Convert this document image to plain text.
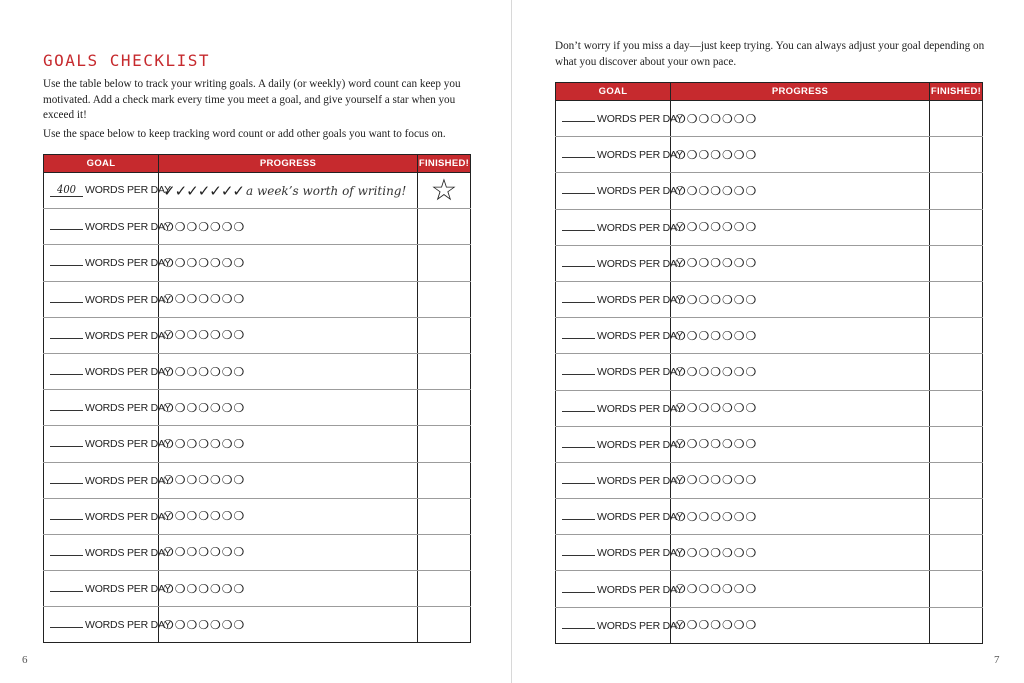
GOALS CHECKLIST

Use the table below to track your writing goals. A daily (or weekly) word count can keep you motivated. Add a check mark every time you meet a goal, and give yourself a star when you exceed it!

Use the space below to keep tracking word count or add other goals you want to focus on.

GOAL	PROGRESS	FINISHED!
400 WORDS PER DAY	✓✓✓✓✓✓✓ a week’s worth of writing!	☆
WORDS PER DAY	❍❍❍❍❍❍❍	
WORDS PER DAY	❍❍❍❍❍❍❍	
WORDS PER DAY	❍❍❍❍❍❍❍	
WORDS PER DAY	❍❍❍❍❍❍❍	
WORDS PER DAY	❍❍❍❍❍❍❍	
WORDS PER DAY	❍❍❍❍❍❍❍	
WORDS PER DAY	❍❍❍❍❍❍❍	
WORDS PER DAY	❍❍❍❍❍❍❍	
WORDS PER DAY	❍❍❍❍❍❍❍	
WORDS PER DAY	❍❍❍❍❍❍❍	
WORDS PER DAY	❍❍❍❍❍❍❍	
WORDS PER DAY	❍❍❍❍❍❍❍	
6

Don’t worry if you miss a day—just keep trying. You can always adjust your goal depending on what you discover about your own pace.

GOAL	PROGRESS	FINISHED!
WORDS PER DAY	❍❍❍❍❍❍❍	
WORDS PER DAY	❍❍❍❍❍❍❍	
WORDS PER DAY	❍❍❍❍❍❍❍	
WORDS PER DAY	❍❍❍❍❍❍❍	
WORDS PER DAY	❍❍❍❍❍❍❍	
WORDS PER DAY	❍❍❍❍❍❍❍	
WORDS PER DAY	❍❍❍❍❍❍❍	
WORDS PER DAY	❍❍❍❍❍❍❍	
WORDS PER DAY	❍❍❍❍❍❍❍	
WORDS PER DAY	❍❍❍❍❍❍❍	
WORDS PER DAY	❍❍❍❍❍❍❍	
WORDS PER DAY	❍❍❍❍❍❍❍	
WORDS PER DAY	❍❍❍❍❍❍❍	
WORDS PER DAY	❍❍❍❍❍❍❍	
WORDS PER DAY	❍❍❍❍❍❍❍	
7
